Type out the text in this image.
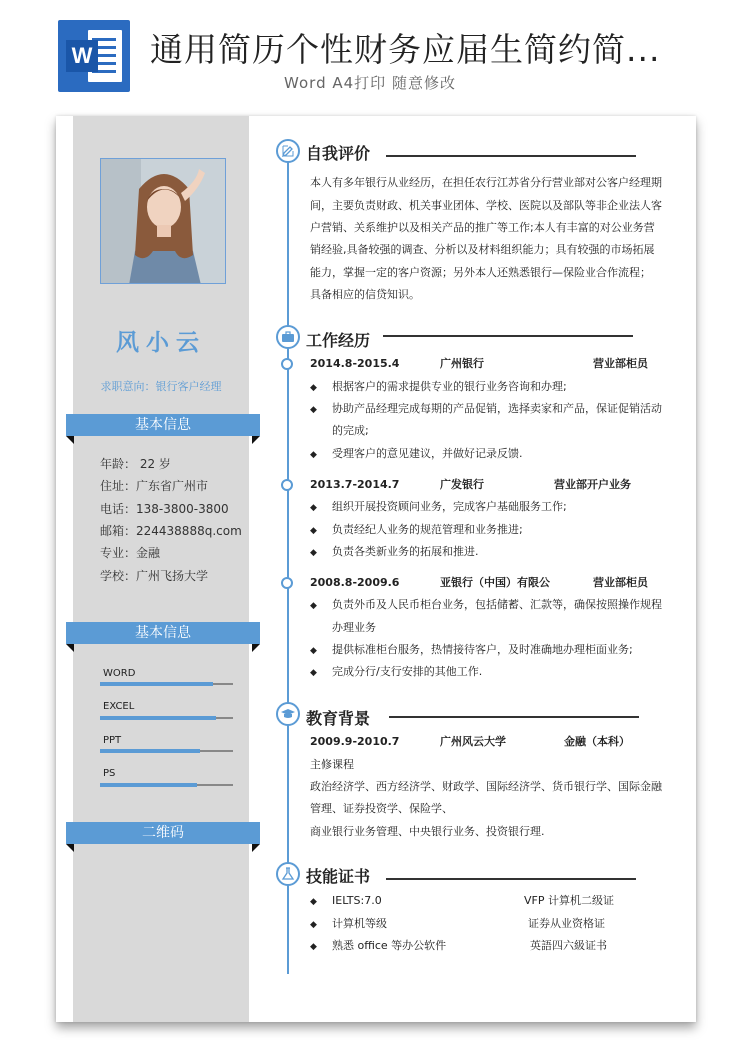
W 通用简历个性财务应届生简约简...
Word A4打印 随意修改
风小云
求职意向：银行客户经理
基本信息
年龄： 22 岁
住址：广东省广州市
电话：138-3800-3800
邮箱：224438888q.com
专业：金融
学校：广州飞扬大学
基本信息
WORD
EXCEL
PPT
PS
二维码
自我评价
本人有多年银行从业经历，在担任农行江苏省分行营业部对公客户经理期
间，主要负责财政、机关事业团体、学校、医院以及部队等非企业法人客
户营销、关系维护以及相关产品的推广等工作;本人有丰富的对公业务营
销经验,具备较强的调查、分析以及材料组织能力；具有较强的市场拓展
能力，掌握一定的客户资源；另外本人还熟悉银行—保险业合作流程；
具备相应的信贷知识。
工作经历
2014.8-2015.4	广州银行	营业部柜员
◆ 根据客户的需求提供专业的银行业务咨询和办理;
◆ 协助产品经理完成每期的产品促销，选择卖家和产品，保证促销活动
的完成;
◆ 受理客户的意见建议，并做好记录反馈.
2013.7-2014.7	广发银行	营业部开户业务
◆ 组织开展投资顾问业务，完成客户基础服务工作;
◆ 负责经纪人业务的规范管理和业务推进;
◆ 负责各类新业务的拓展和推进.
2008.8-2009.6	亚银行（中国）有限公	营业部柜员
◆ 负责外币及人民币柜台业务，包括储蓄、汇款等，确保按照操作规程
办理业务
◆ 提供标准柜台服务，热情接待客户，及时准确地办理柜面业务;
◆ 完成分行/支行安排的其他工作.
教育背景
2009.9-2010.7	广州风云大学	金融（本科）
主修课程
政治经济学、西方经济学、财政学、国际经济学、货币银行学、国际金融
管理、证券投资学、保险学、
商业银行业务管理、中央银行业务、投资银行理.
技能证书
◆ IELTS:7.0	VFP 计算机二级证
◆ 计算机等级	证券从业资格证
◆ 熟悉 office 等办公软件	英語四六級证书
